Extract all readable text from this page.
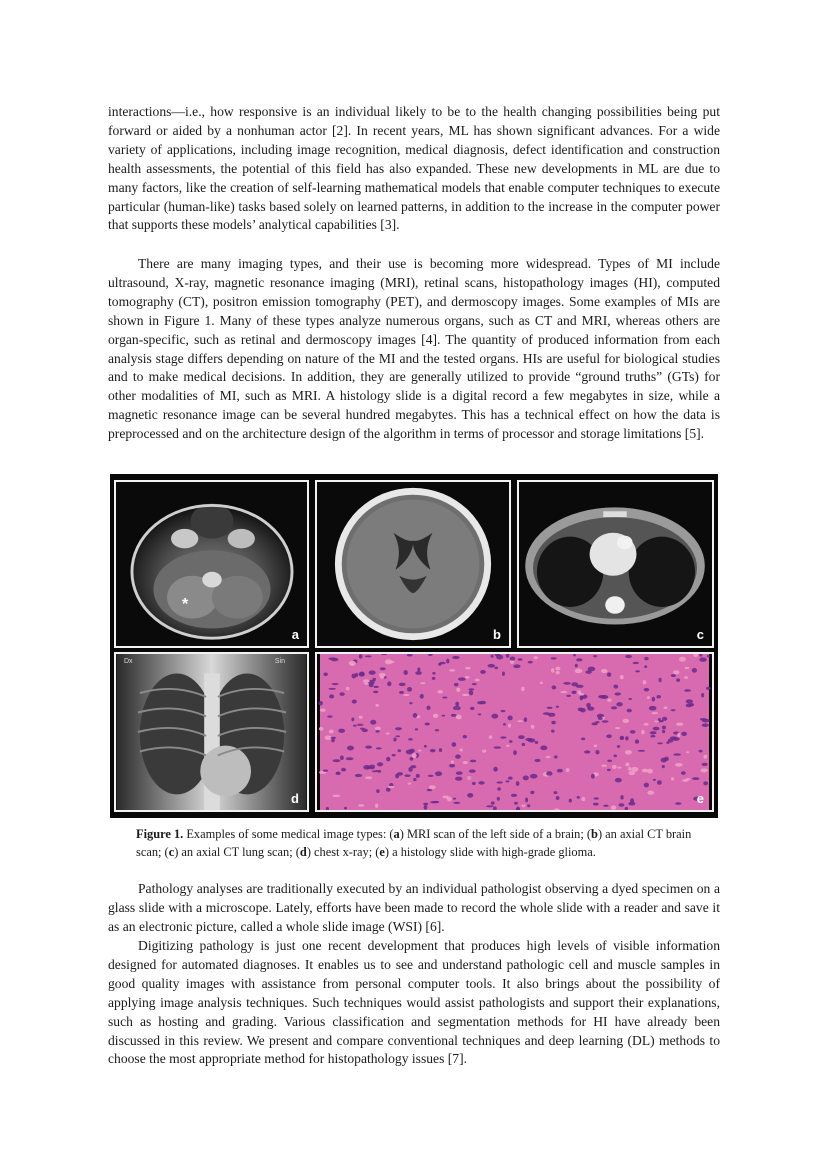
interactions—i.e., how responsive is an individual likely to be to the health changing possibilities being put forward or aided by a nonhuman actor [2]. In recent years, ML has shown significant advances. For a wide variety of applications, including image recognition, medical diagnosis, defect identification and construction health assessments, the potential of this field has also expanded. These new developments in ML are due to many factors, like the creation of self-learning mathematical models that enable computer techniques to execute particular (human-like) tasks based solely on learned patterns, in addition to the increase in the computer power that supports these models’ analytical capabilities [3].

There are many imaging types, and their use is becoming more widespread. Types of MI include ultrasound, X-ray, magnetic resonance imaging (MRI), retinal scans, histopathology images (HI), computed tomography (CT), positron emission tomography (PET), and dermoscopy images. Some examples of MIs are shown in Figure 1. Many of these types analyze numerous organs, such as CT and MRI, whereas others are organ-specific, such as retinal and dermoscopy images [4]. The quantity of produced information from each analysis stage differs depending on nature of the MI and the tested organs. HIs are useful for biological studies and to make medical decisions. In addition, they are generally utilized to provide “ground truths” (GTs) for other modalities of MI, such as MRI. A histology slide is a digital record a few megabytes in size, while a magnetic resonance image can be several hundred megabytes. This has a technical effect on how the data is preprocessed and on the architecture design of the algorithm in terms of processor and storage limitations [5].

Pathology analyses are traditionally executed by an individual pathologist observing a dyed specimen on a glass slide with a microscope. Lately, efforts have been made to record the whole slide with a reader and save it as an electronic picture, called a whole slide image (WSI) [6].

Digitizing pathology is just one recent development that produces high levels of visible information designed for automated diagnoses. It enables us to see and understand pathologic cell and muscle samples in good quality images with assistance from personal computer tools. It also brings about the possibility of applying image analysis techniques. Such techniques would assist pathologists and support their explanations, such as hosting and grading. Various classification and segmentation methods for HI have already been discussed in this review. We present and compare conventional techniques and deep learning (DL) methods to choose the most appropriate method for histopathology issues [7].

*
a	b	c
Dx	Sin
d	e
Figure 1. Examples of some medical image types: (a) MRI scan of the left side of a brain; (b) an axial CT brain scan; (c) an axial CT lung scan; (d) chest x-ray; (e) a histology slide with high-grade glioma.
